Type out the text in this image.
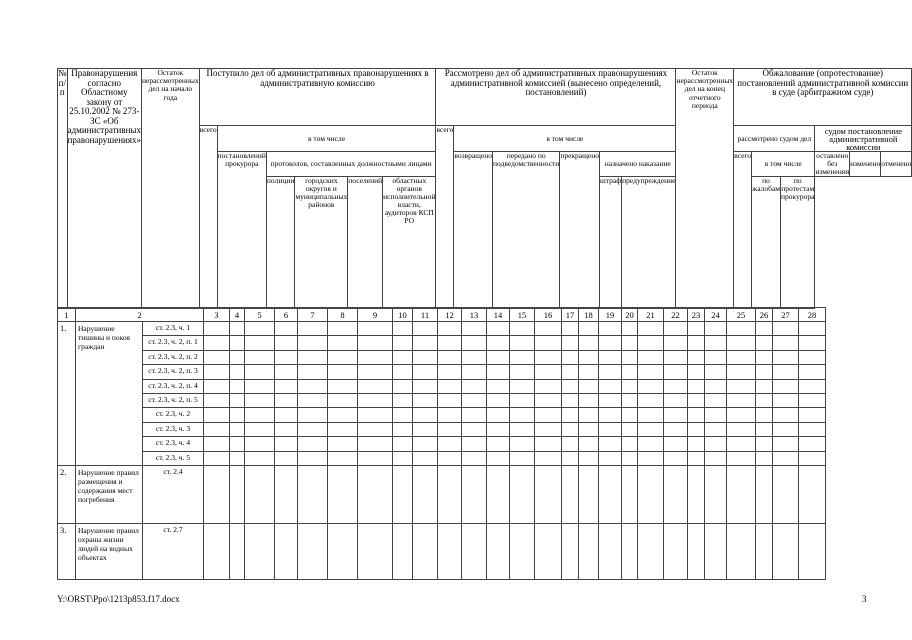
№ п/п	Правонарушения согласно Областному закону от 25.10.2002 № 273-ЗС «Об административных правонарушениях»	Остаток нерассмотренных дел на начало года	Поступило дел об административных правонарушениях в административную комиссию						Рассмотрено дел об административных правонарушениях административной комиссией (вынесено определений, постановлений)						Остаток нерассмотренных дел на конец отчетного периода	Обжалование (опротестование) постановлений административной комиссии в суде (арбитражном суде)					
			всего	в том числе					всего	в том числе						рассмотрено судом дел			судом постановление административной комиссии		
				постановлений прокурора	протоколов, составленных должностными лицами					возвращено	передано по подведомственности	прекращено	назначено наказание			всего	в том числе		оставлено без изменения	изменено	отменено
					полиции	городских округов и муниципальных районов	поселений	областных органов исполнительной власти, аудиторов КСП РО					штраф	предупреждение			по жалобам	по протестам прокурора			
1	2		3	4	5	6	7	8	9	10	11	12	13	14	15	16	17	18	19	20	21	22	23	24	25	26	27	28
1.	Нарушение тишины и покоя граждан	ст. 2.3, ч. 1																										
		ст. 2.3, ч. 2, п. 1																										
		ст. 2.3, ч. 2, п. 2																										
		ст. 2.3, ч. 2, п. 3																										
		ст. 2.3, ч. 2, п. 4																										
		ст. 2.3, ч. 2, п. 5																										
		ст. 2.3, ч. 2																										
		ст. 2.3, ч. 3																										
		ст. 2.3, ч. 4																										
		ст. 2.3, ч. 5																										
2.	Нарушение правил размещения и содержания мест погребения	ст. 2.4																										
3.	Нарушение правил охраны жизни людей на водных объектах	ст. 2.7																										
Y:\ORST\Ppo\1213p853.f17.docx	3
